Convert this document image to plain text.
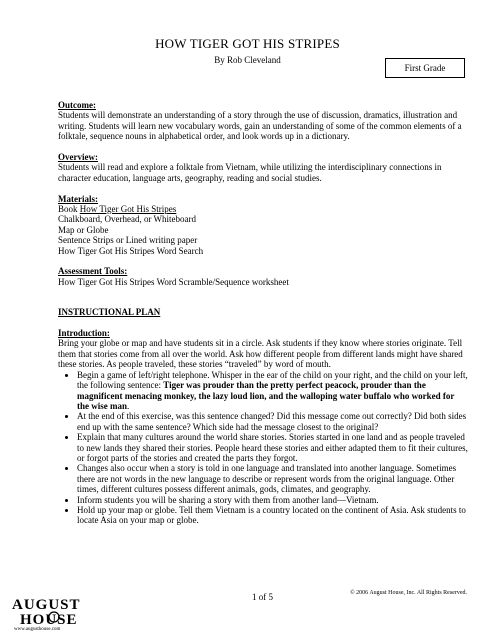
HOW TIGER GOT HIS STRIPES
By Rob Cleveland
First Grade

Outcome:

Students will demonstrate an understanding of a story through the use of discussion, dramatics, illustration and writing. Students will learn new vocabulary words, gain an understanding of some of the common elements of a folktale, sequence nouns in alphabetical order, and look words up in a dictionary.

Overview:

Students will read and explore a folktale from Vietnam, while utilizing the interdisciplinary connections in character education, language arts, geography, reading and social studies.

Materials:

Book How Tiger Got His Stripes

Chalkboard, Overhead, or Whiteboard

Map or Globe

Sentence Strips or Lined writing paper

How Tiger Got His Stripes Word Search

Assessment Tools:

How Tiger Got His Stripes Word Scramble/Sequence worksheet

INSTRUCTIONAL PLAN

Introduction:

Bring your globe or map and have students sit in a circle. Ask students if they know where stories originate. Tell them that stories come from all over the world. Ask how different people from different lands might have shared these stories. As people traveled, these stories “traveled” by word of mouth.

• Begin a game of left/right telephone. Whisper in the ear of the child on your right, and the child on your left, the following sentence: Tiger was prouder than the pretty perfect peacock, prouder than the magnificent menacing monkey, the lazy loud lion, and the walloping water buffalo who worked for the wise man.
• At the end of this exercise, was this sentence changed? Did this message come out correctly? Did both sides end up with the same sentence? Which side had the message closest to the original?
• Explain that many cultures around the world share stories. Stories started in one land and as people traveled to new lands they shared their stories. People heard these stories and either adapted them to fit their cultures, or forgot parts of the stories and created the parts they forgot.
• Changes also occur when a story is told in one language and translated into another language. Sometimes there are not words in the new language to describe or represent words from the original language. Other times, different cultures possess different animals, gods, climates, and geography.
• Inform students you will be sharing a story with them from another land—Vietnam.
• Hold up your map or globe. Tell them Vietnam is a country located on the continent of Asia. Ask students to locate Asia on your map or globe.
AUGUST
HOUSE
www.augusthouse.com
1 of 5	© 2006 August House, Inc. All Rights Reserved.
